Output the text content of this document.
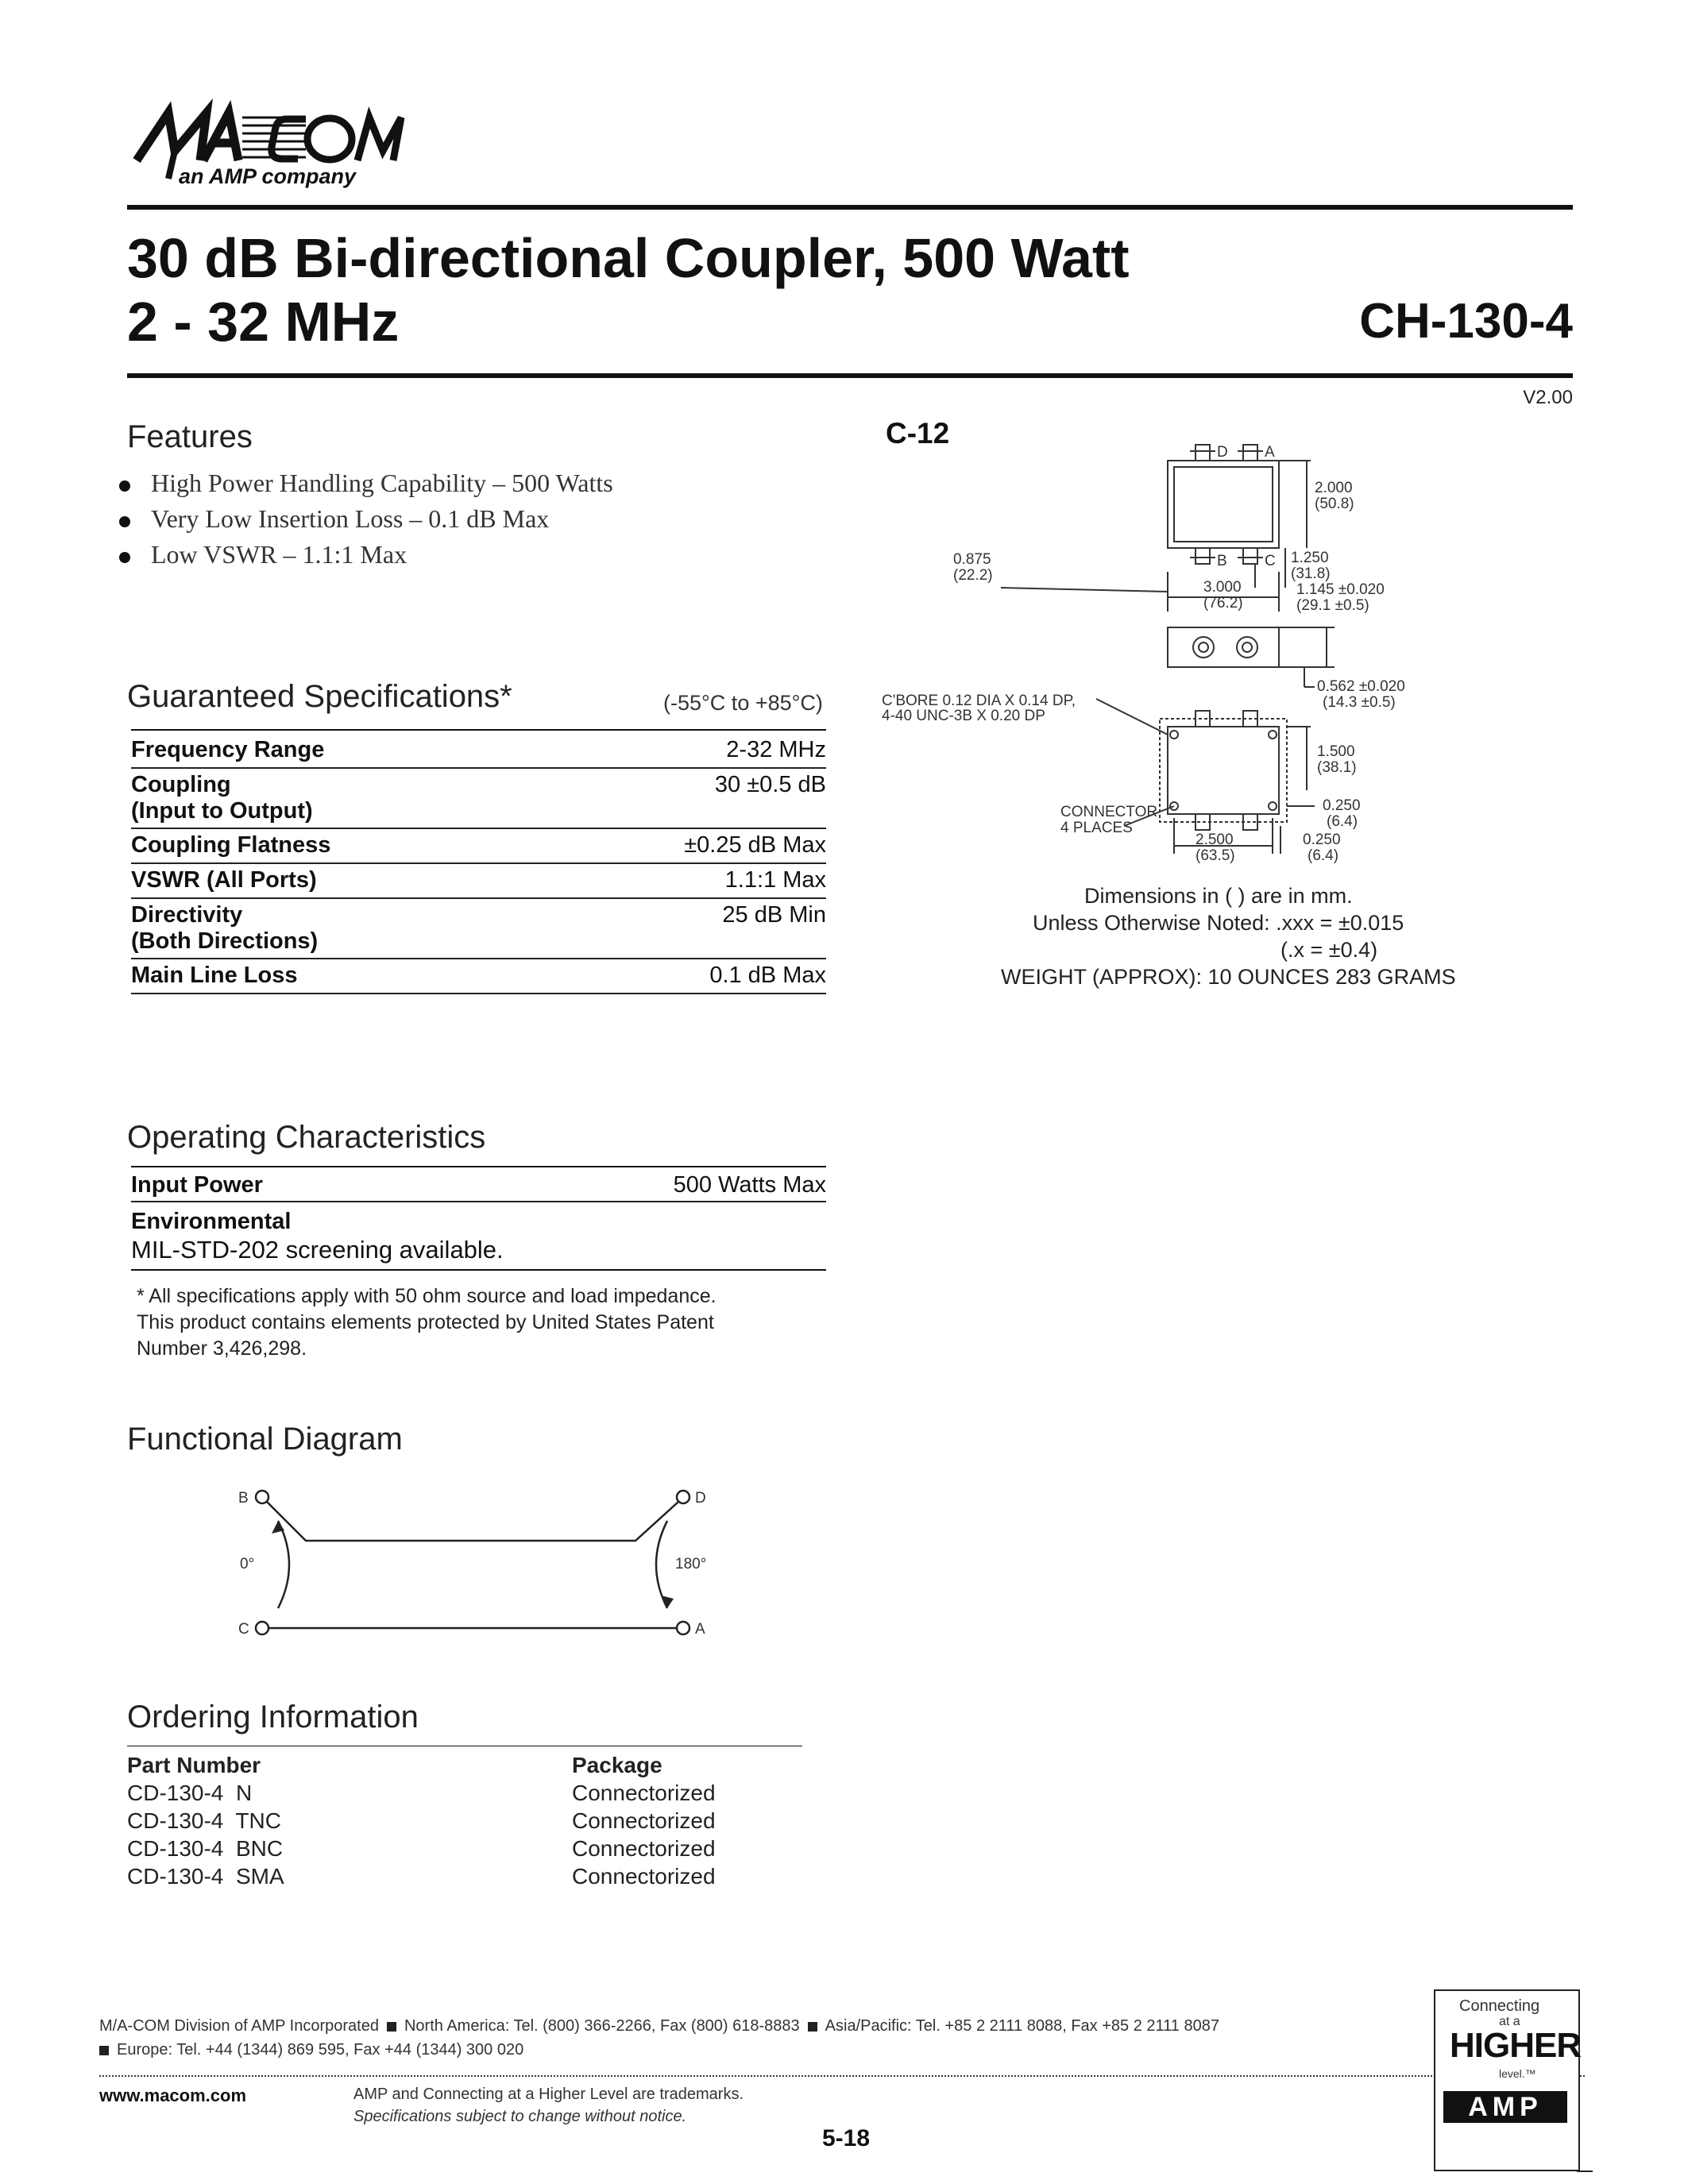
an AMP company
30 dB Bi-directional Coupler, 500 Watt
2 - 32 MHz	CH-130-4
V2.00
Features
High Power Handling Capability – 500 Watts
Very Low Insertion Loss – 0.1 dB Max
Low VSWR – 1.1:1 Max
Guaranteed Specifications*	(-55°C to +85°C)
Frequency Range	2-32 MHz
Coupling
(Input to Output)
30 ±0.5 dB
Coupling Flatness	±0.25 dB Max
VSWR (All Ports)	1.1:1 Max
Directivity
(Both Directions)
25 dB Min
Main Line Loss	0.1 dB Max
Operating Characteristics
Input Power	500 Watts Max
Environmental
MIL-STD-202 screening available.
* All specifications apply with 50 ohm source and load impedance.
This product contains elements protected by United States Patent
Number 3,426,298.
C-12
D A
B C
2.000
(50.8)
1.250
(31.8)
1.145 ±0.020
(29.1 ±0.5)
0.875
(22.2)
3.000
(76.2)
0.562 ±0.020
(14.3 ±0.5)
C'BORE 0.12 DIA X 0.14 DP,
4-40 UNC-3B X 0.20 DP
1.500
(38.1)
CONNECTOR
4 PLACES
0.250
(6.4)
2.500
(63.5)
0.250
(6.4)
Dimensions in ( ) are in mm.
Unless Otherwise Noted: .xxx = ±0.015
(.x = ±0.4)
WEIGHT (APPROX): 10 OUNCES 283 GRAMS
Functional Diagram
B	D
C	A
0°	180°
Ordering Information
Part Number	Package
CD-130-4  N	Connectorized
CD-130-4  TNC	Connectorized
CD-130-4  BNC	Connectorized
CD-130-4  SMA	Connectorized
M/A-COM Division of AMP Incorporated North America: Tel. (800) 366-2266, Fax (800) 618-8883 Asia/Pacific: Tel. +85 2 2111 8088, Fax +85 2 2111 8087
Europe: Tel. +44 (1344) 869 595, Fax +44 (1344) 300 020
www.macom.com	AMP and Connecting at a Higher Level are trademarks.
Specifications subject to change without notice.
5-18
Connecting
at a
HIGHER
level.™
AMP
